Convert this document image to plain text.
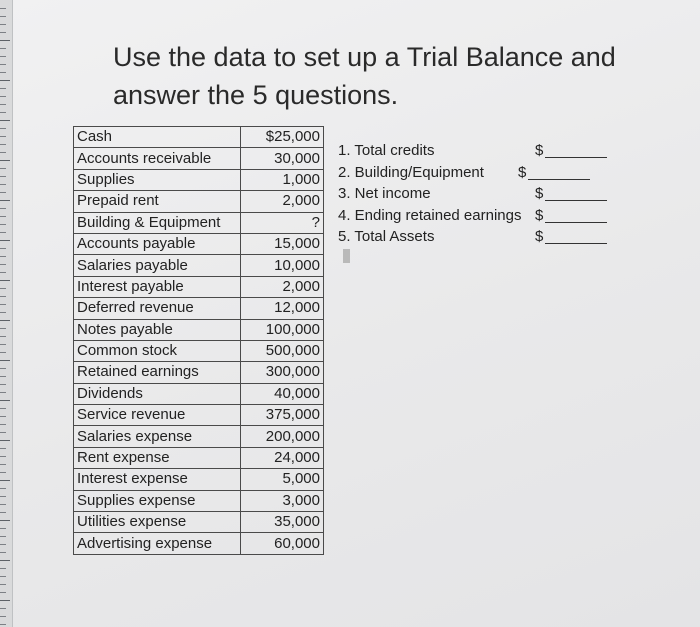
Use the data to set up a Trial Balance and
answer the 5 questions.
Cash	$25,000
Accounts receivable	30,000
Supplies	1,000
Prepaid rent	2,000
Building & Equipment	?
Accounts payable	15,000
Salaries payable	10,000
Interest payable	2,000
Deferred revenue	12,000
Notes payable	100,000
Common stock	500,000
Retained earnings	300,000
Dividends	40,000
Service revenue	375,000
Salaries expense	200,000
Rent expense	24,000
Interest expense	5,000
Supplies expense	3,000
Utilities expense	35,000
Advertising expense	60,000
1. Total credits	$
2. Building/Equipment $
3. Net income	$
4. Ending retained earnings $
5. Total Assets	$
